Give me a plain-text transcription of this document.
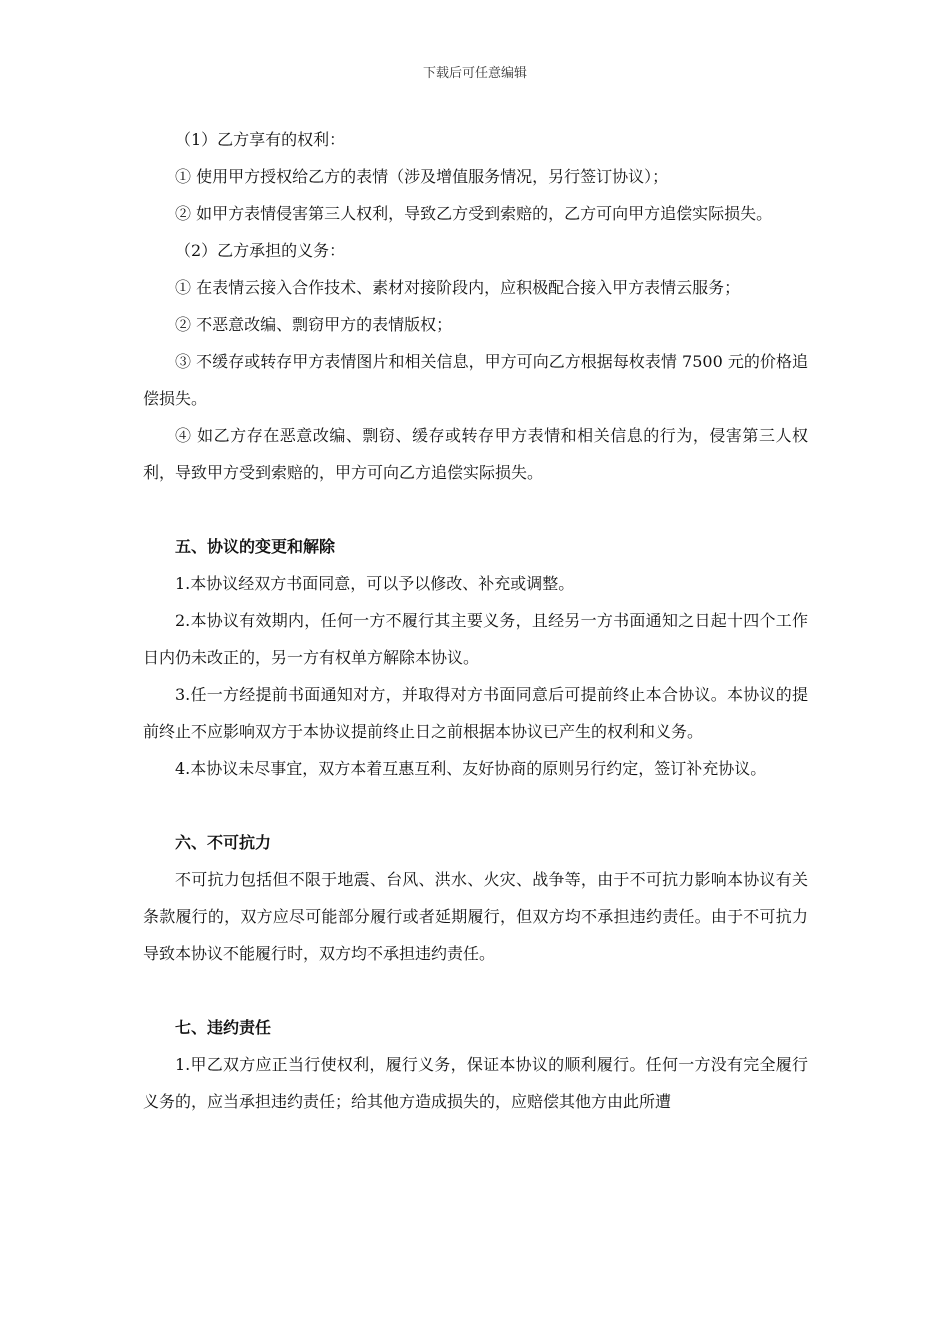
下载后可任意编辑
（1）乙方享有的权利：
① 使用甲方授权给乙方的表情（涉及增值服务情况，另行签订协议）；
② 如甲方表情侵害第三人权利，导致乙方受到索赔的，乙方可向甲方追偿实际损失。
（2）乙方承担的义务：
① 在表情云接入合作技术、素材对接阶段内，应积极配合接入甲方表情云服务；
② 不恶意改编、剽窃甲方的表情版权；
③ 不缓存或转存甲方表情图片和相关信息，甲方可向乙方根据每枚表情 7500 元的价格追偿损失。
④ 如乙方存在恶意改编、剽窃、缓存或转存甲方表情和相关信息的行为，侵害第三人权利，导致甲方受到索赔的，甲方可向乙方追偿实际损失。
五、协议的变更和解除
1.本协议经双方书面同意，可以予以修改、补充或调整。
2.本协议有效期内，任何一方不履行其主要义务，且经另一方书面通知之日起十四个工作日内仍未改正的，另一方有权单方解除本协议。
3.任一方经提前书面通知对方，并取得对方书面同意后可提前终止本合协议。本协议的提前终止不应影响双方于本协议提前终止日之前根据本协议已产生的权利和义务。
4.本协议未尽事宜，双方本着互惠互利、友好协商的原则另行约定，签订补充协议。
六、不可抗力
不可抗力包括但不限于地震、台风、洪水、火灾、战争等，由于不可抗力影响本协议有关条款履行的，双方应尽可能部分履行或者延期履行，但双方均不承担违约责任。由于不可抗力导致本协议不能履行时，双方均不承担违约责任。
七、违约责任
1.甲乙双方应正当行使权利，履行义务，保证本协议的顺利履行。任何一方没有完全履行义务的，应当承担违约责任；给其他方造成损失的，应赔偿其他方由此所遭
